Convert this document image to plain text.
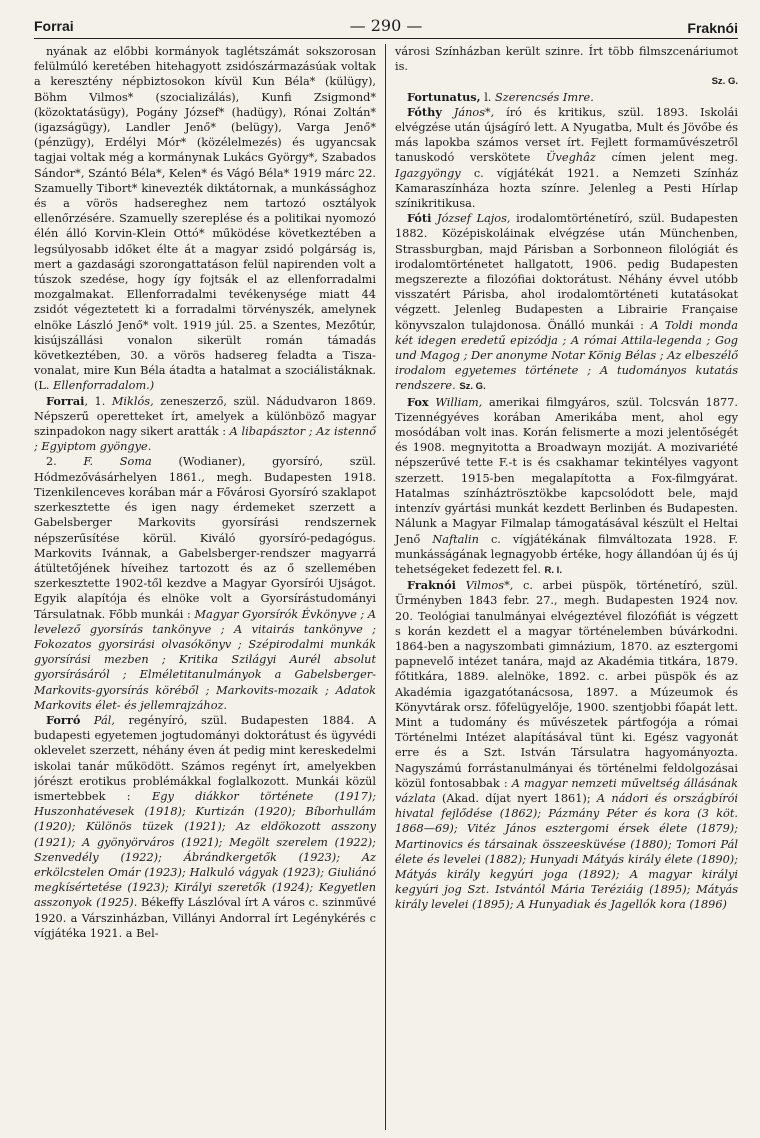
Forrai	— 290 —	Fraknói

nyának az előbbi kormányok taglétszámát sokszorosan felülmúló keretében hitehagyott zsidószármazásúak voltak a keresztény népbiztosokon kívül Kun Béla* (külügy), Böhm Vilmos* (szocializálás), Kunfi Zsigmond* (közoktatásügy), Pogány József* (hadügy), Rónai Zoltán* (igazságügy), Landler Jenő* (belügy), Varga Jenő* (pénzügy), Erdélyi Mór* (közélelmezés) és ugyancsak tagjai voltak még a kormánynak Lukács György*, Szabados Sándor*, Szántó Béla*, Kelen* és Vágó Béla* 1919 márc 22. Szamuelly Tibort* kinevezték diktátornak, a munkássághoz és a vörös hadsereghez nem tartozó osztályok ellenőrzésére. Szamuelly szereplése és a politikai nyomozó élén álló Korvin-Klein Ottó* működése következtében a legsúlyosabb időket élte át a magyar zsidó polgárság is, mert a gazdasági szorongattatáson felül napirenden volt a túszok szedése, hogy így fojtsák el az ellenforradalmi mozgalmakat. Ellenforradalmi tevékenysége miatt 44 zsidót végeztetett ki a forradalmi törvényszék, amelynek elnöke László Jenő* volt. 1919 júl. 25. a Szentes, Mezőtúr, kisújszállási vonalon sikerült román támadás következtében, 30. a vörös hadsereg feladta a Tisza-vonalat, mire Kun Béla átadta a hatalmat a szociálistáknak. (L. Ellenforradalom.)

Forrai, 1. Miklós, zeneszerző, szül. Nádudvaron 1869. Népszerű operetteket írt, amelyek a különböző magyar szinpadokon nagy sikert aratták : A libapásztor ; Az istennő ; Egyiptom gyöngye.

2. F. Soma (Wodianer), gyorsíró, szül. Hódmezővásárhelyen 1861., megh. Budapesten 1918. Tizenkilenceves korában már a Fővárosi Gyorsíró szaklapot szerkesztette és igen nagy érdemeket szerzett a Gabelsberger Markovits gyorsírási rendszernek népszerűsítése körül. Kiváló gyorsíró-pedagógus. Markovits Ivánnak, a Gabelsberger-rendszer magyarrá átültetőjének híveihez tartozott és az ő szellemében szerkesztette 1902-től kezdve a Magyar Gyorsírói Ujságot. Egyik alapítója és elnöke volt a Gyorsírástudományi Társulatnak. Főbb munkái : Magyar Gyorsírók Évkönyve ; A levelező gyorsírás tankönyve ; A vitairás tankönyve ; Fokozatos gyorsirási olvasókönyv ; Szépirodalmi munkák gyorsírási mezben ; Kritika Szilágyi Aurél absolut gyorsírásáról ; Elméletitanulmányok a Gabelsberger-Markovits-gyorsírás köréből ; Markovits-mozaik ; Adatok Markovits élet- és jellemrajzához.

Forró Pál, regényíró, szül. Budapesten 1884. A budapesti egyetemen jogtudományi doktorátust és ügyvédi oklevelet szerzett, néhány éven át pedig mint kereskedelmi iskolai tanár működött. Számos regényt írt, amelyekben jórészt erotikus problémákkal foglalkozott. Munkái közül ismertebbek : Egy diákkor története (1917); Huszonhatévesek (1918); Kurtizán (1920); Bíborhullám (1920); Különös tüzek (1921); Az eldökozott asszony (1921); A gyönyörváros (1921); Megölt szerelem (1922); Szenvedély (1922); Ábrándkergetők (1923); Az erkölcstelen Omár (1923); Halkuló vágyak (1923); Giuliánó megkísértetése (1923); Királyi szeretők (1924); Kegyetlen asszonyok (1925). Békeffy Lászlóval írt A város c. szinművé 1920. a Várszinházban, Villányi Andorral írt Legénykérés c vígjátéka 1921. a Bel-

városi Színházban került szinre. Írt több filmszcenáriumot is.
Sz. G.

Fortunatus, l. Szerencsés Imre.

Fóthy János*, író és kritikus, szül. 1893. Iskolái elvégzése után újságíró lett. A Nyugatba, Mult és Jövőbe és más lapokba számos verset írt. Fejlett formaművészetről tanuskodó verskötete Üveghâz címen jelent meg. Igazgyöngy c. vígjátékát 1921. a Nemzeti Színház Kamaraszínháza hozta színre. Jelenleg a Pesti Hírlap színikritikusa.

Fóti József Lajos, irodalomtörténetíró, szül. Budapesten 1882. Középiskoláinak elvégzése után Münchenben, Strassburgban, majd Párisban a Sorbonneon filológiát és irodalomtörténetet hallgatott, 1906. pedig Budapesten megszerezte a filozófiai doktorátust. Néhány évvel utóbb visszatért Párisba, ahol irodalomtörténeti kutatásokat végzett. Jelenleg Budapesten a Librairie Française könyvszalon tulajdonosa. Önálló munkái : A Toldi monda két idegen eredetű epizódja ; A római Attila-legenda ; Gog und Magog ; Der anonyme Notar König Bélas ; Az elbeszélő irodalom egyetemes története ; A tudományos kutatás rendszere. Sz. G.

Fox William, amerikai filmgyáros, szül. Tolcsván 1877. Tizennégyéves korában Amerikába ment, ahol egy mosódában volt inas. Korán felismerte a mozi jelentőségét és 1908. megnyitotta a Broadwayn moziját. A mozivariété népszerűvé tette F.-t is és csakhamar tekintélyes vagyont szerzett. 1915-ben megalapította a Fox-filmgyárat. Hatalmas színháztrösztökbe kapcsolódott bele, majd intenzív gyártási munkát kezdett Berlinben és Budapesten. Nálunk a Magyar Filmalap támogatásával készült el Heltai Jenő Naftalin c. vígjátékának filmváltozata 1928. F. munkásságának legnagyobb értéke, hogy állandóan új és új tehetségeket fedezett fel. R. I.

Fraknói Vilmos*, c. arbei püspök, történetíró, szül. Ürményben 1843 febr. 27., megh. Budapesten 1924 nov. 20. Teológiai tanulmányai elvégeztével filozófiát is végzett s korán kezdett el a magyar történelemben búvárkodni. 1864-ben a nagyszombati gimnázium, 1870. az esztergomi papnevelő intézet tanára, majd az Akadémia titkára, 1879. főtitkára, 1889. alelnöke, 1892. c. arbei püspök és az Akadémia igazgatótanácsosa, 1897. a Múzeumok és Könyvtárak orsz. főfelügyelője, 1900. szentjobbi főapát lett. Mint a tudomány és művészetek pártfogója a római Történelmi Intézet alapításával tünt ki. Egész vagyonát erre és a Szt. István Társulatra hagyományozta. Nagyszámú forrástanulmányai és történelmi feldolgozásai közül fontosabbak : A magyar nemzeti műveltség állásának vázlata (Akad. díjat nyert 1861); A nádori és országbírói hivatal fejlődése (1862); Pázmány Péter és kora (3 köt. 1868—69); Vitéz János esztergomi érsek élete (1879); Martinovics és társainak összeesküvése (1880); Tomori Pál élete és levelei (1882); Hunyadi Mátyás király élete (1890); Mátyás király kegyúri joga (1892); A magyar királyi kegyúri jog Szt. Istvántól Mária Teréziáig (1895); Mátyás király levelei (1895); A Hunyadiak és Jagellók kora (1896)
